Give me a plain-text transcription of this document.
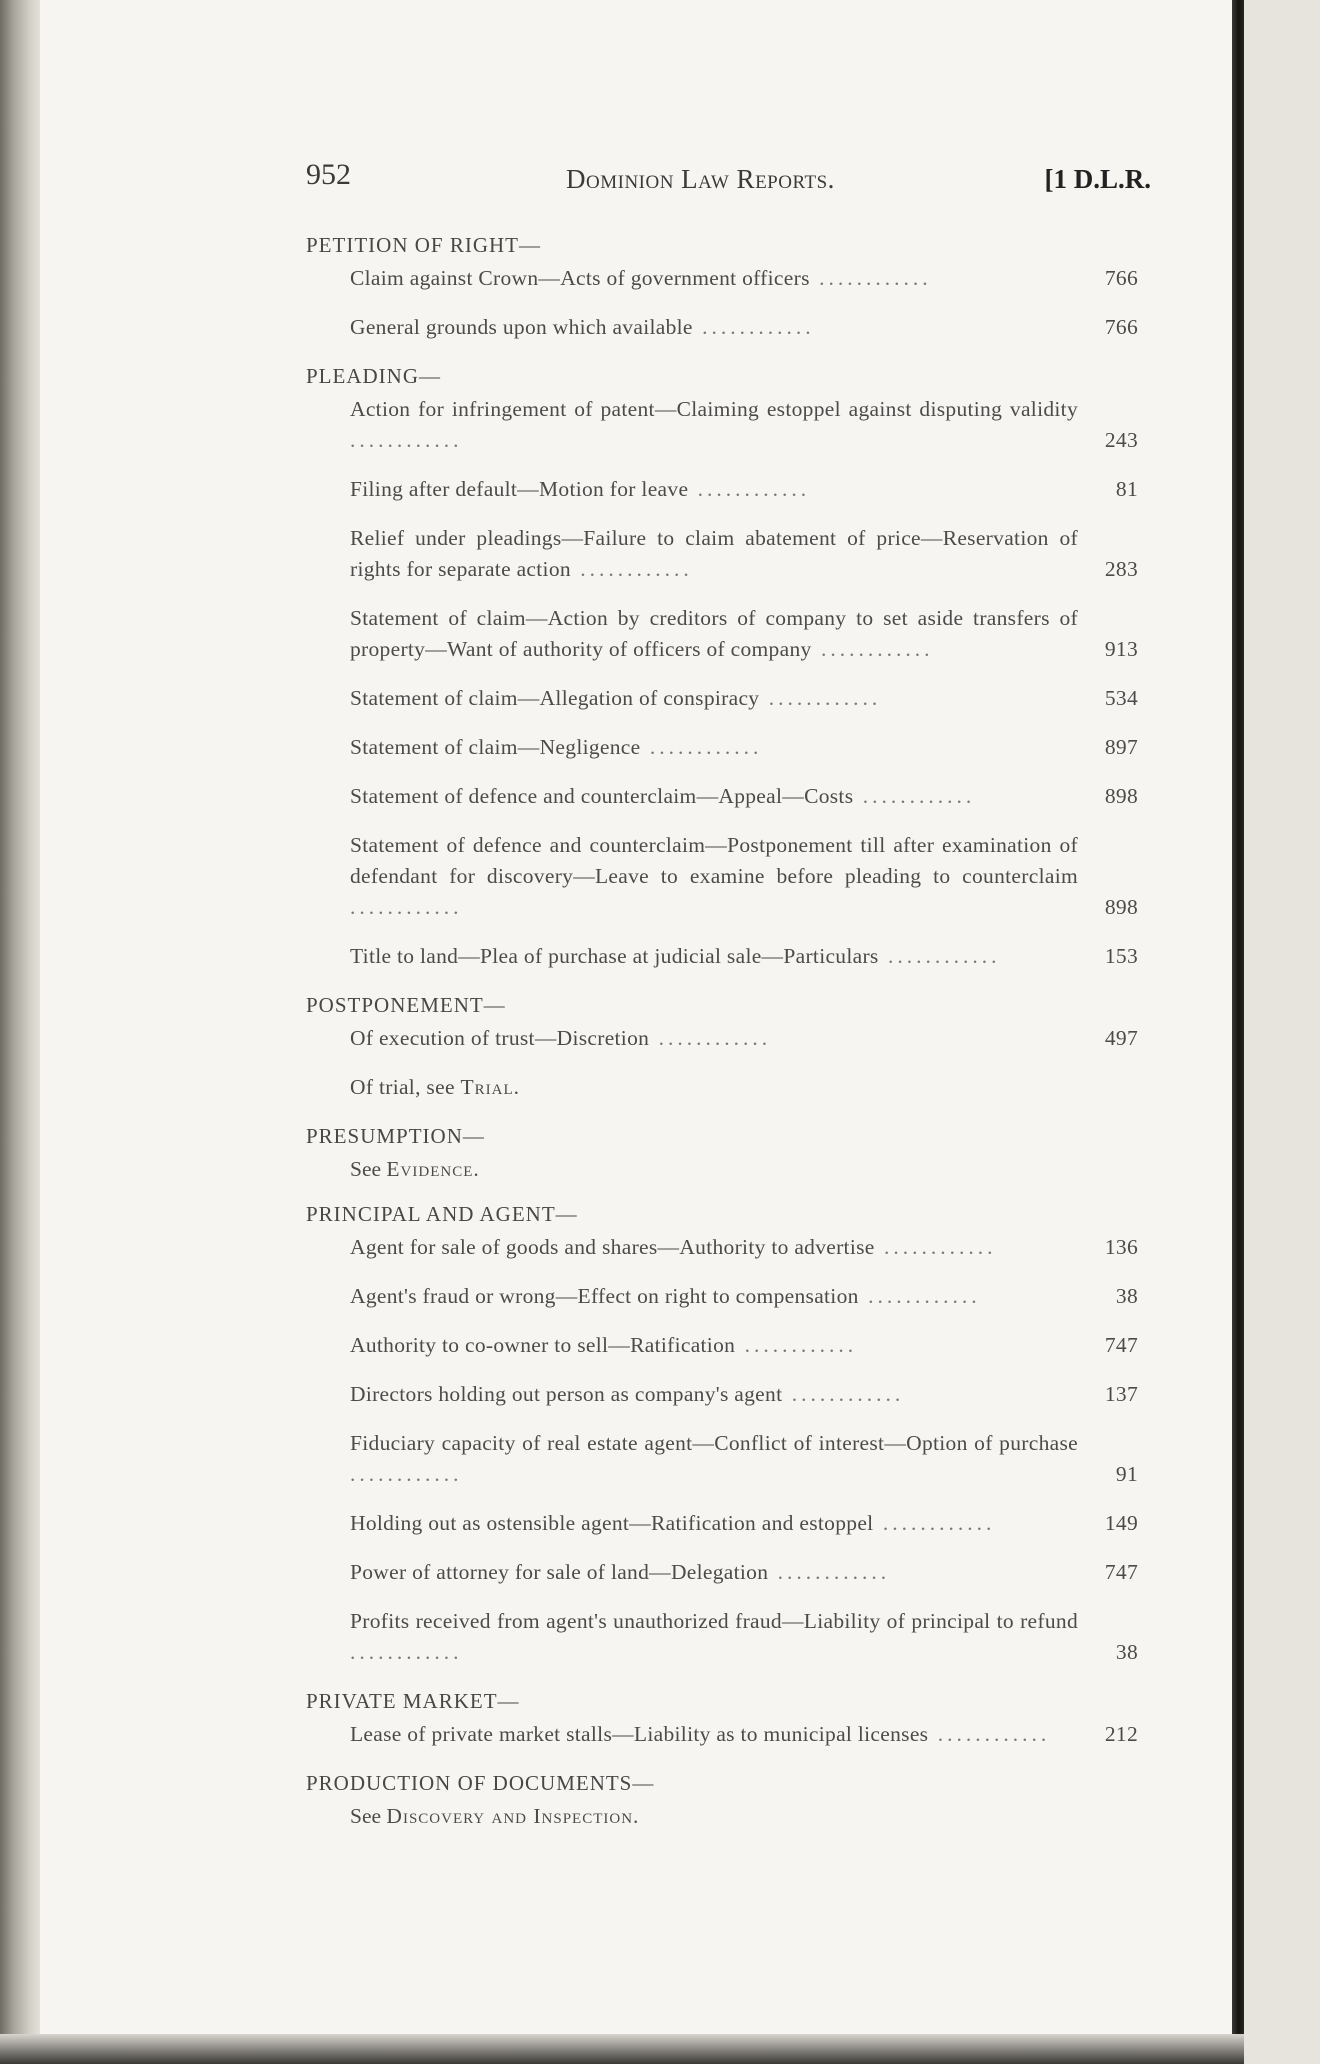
952	Dominion Law Reports.	[1 D.L.R.
PETITION OF RIGHT—
Claim against Crown—Acts of government officers ............	766
General grounds upon which available ............	766
PLEADING—
Action for infringement of patent—Claiming estoppel against disputing validity ............	243
Filing after default—Motion for leave ............	81
Relief under pleadings—Failure to claim abatement of price—Reservation of rights for separate action ............	283
Statement of claim—Action by creditors of company to set aside transfers of property—Want of authority of officers of company ............	913
Statement of claim—Allegation of conspiracy ............	534
Statement of claim—Negligence ............	897
Statement of defence and counterclaim—Appeal—Costs ............	898
Statement of defence and counterclaim—Postponement till after examination of defendant for discovery—Leave to examine before pleading to counterclaim ............	898
Title to land—Plea of purchase at judicial sale—Particulars ............	153
POSTPONEMENT—
Of execution of trust—Discretion ............	497
Of trial, see Trial.
PRESUMPTION—
See Evidence.
PRINCIPAL AND AGENT—
Agent for sale of goods and shares—Authority to advertise ............	136
Agent's fraud or wrong—Effect on right to compensation ............	38
Authority to co-owner to sell—Ratification ............	747
Directors holding out person as company's agent ............	137
Fiduciary capacity of real estate agent—Conflict of interest—Option of purchase ............	91
Holding out as ostensible agent—Ratification and estoppel ............	149
Power of attorney for sale of land—Delegation ............	747
Profits received from agent's unauthorized fraud—Liability of principal to refund ............	38
PRIVATE MARKET—
Lease of private market stalls—Liability as to municipal licenses ............	212
PRODUCTION OF DOCUMENTS—
See Discovery and Inspection.
